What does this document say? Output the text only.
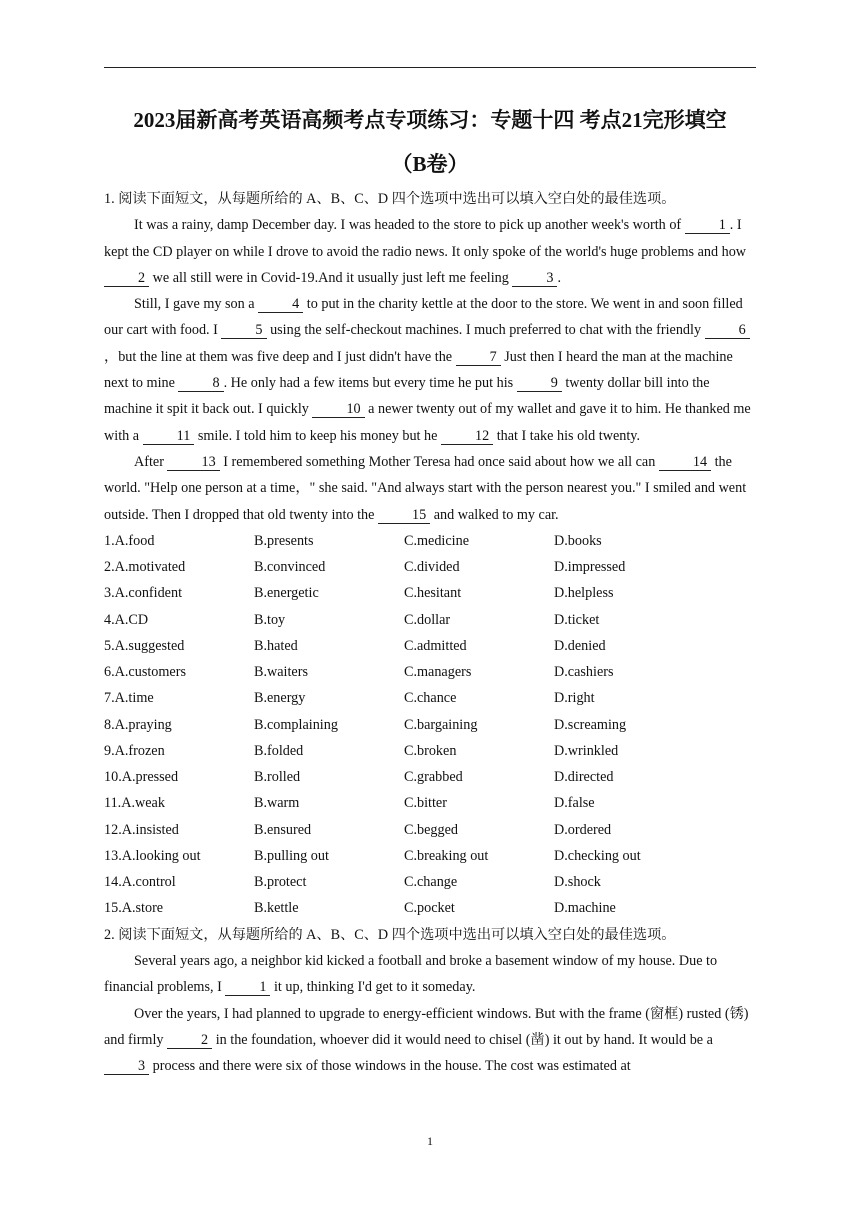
2023届新高考英语高频考点专项练习：专题十四 考点21完形填空
（B卷）

1. 阅读下面短文，从每题所给的 A、B、C、D 四个选项中选出可以填入空白处的最佳选项。

It was a rainy, damp December day. I was headed to the store to pick up another week's worth of 1 . I kept the CD player on while I drove to avoid the radio news. It only spoke of the world's huge problems and how 2 we all still were in Covid-19.And it usually just left me feeling 3 .

Still, I gave my son a 4 to put in the charity kettle at the door to the store. We went in and soon filled our cart with food. I 5 using the self-checkout machines. I much preferred to chat with the friendly 6，but the line at them was five deep and I just didn't have the 7 Just then I heard the man at the machine next to mine 8 . He only had a few items but every time he put his 9 twenty dollar bill into the machine it spit it back out. I quickly 10 a newer twenty out of my wallet and gave it to him. He thanked me with a 11 smile. I told him to keep his money but he 12 that I take his old twenty.

After 13 I remembered something Mother Teresa had once said about how we all can 14 the world. "Help one person at a time，" she said. "And always start with the person nearest you." I smiled and went outside. Then I dropped that old twenty into the 15 and walked to my car.

1.A.food	B.presents	C.medicine	D.books
2.A.motivated	B.convinced	C.divided	D.impressed
3.A.confident	B.energetic	C.hesitant	D.helpless
4.A.CD	B.toy	C.dollar	D.ticket
5.A.suggested	B.hated	C.admitted	D.denied
6.A.customers	B.waiters	C.managers	D.cashiers
7.A.time	B.energy	C.chance	D.right
8.A.praying	B.complaining	C.bargaining	D.screaming
9.A.frozen	B.folded	C.broken	D.wrinkled
10.A.pressed	B.rolled	C.grabbed	D.directed
11.A.weak	B.warm	C.bitter	D.false
12.A.insisted	B.ensured	C.begged	D.ordered
13.A.looking out	B.pulling out	C.breaking out	D.checking out
14.A.control	B.protect	C.change	D.shock
15.A.store	B.kettle	C.pocket	D.machine

2. 阅读下面短文，从每题所给的 A、B、C、D 四个选项中选出可以填入空白处的最佳选项。

Several years ago, a neighbor kid kicked a football and broke a basement window of my house. Due to financial problems, I 1 it up, thinking I'd get to it someday.

Over the years, I had planned to upgrade to energy-efficient windows. But with the frame (窗框) rusted (锈) and firmly 2 in the foundation, whoever did it would need to chisel (凿) it out by hand. It would be a 3 process and there were six of those windows in the house. The cost was estimated at

1
